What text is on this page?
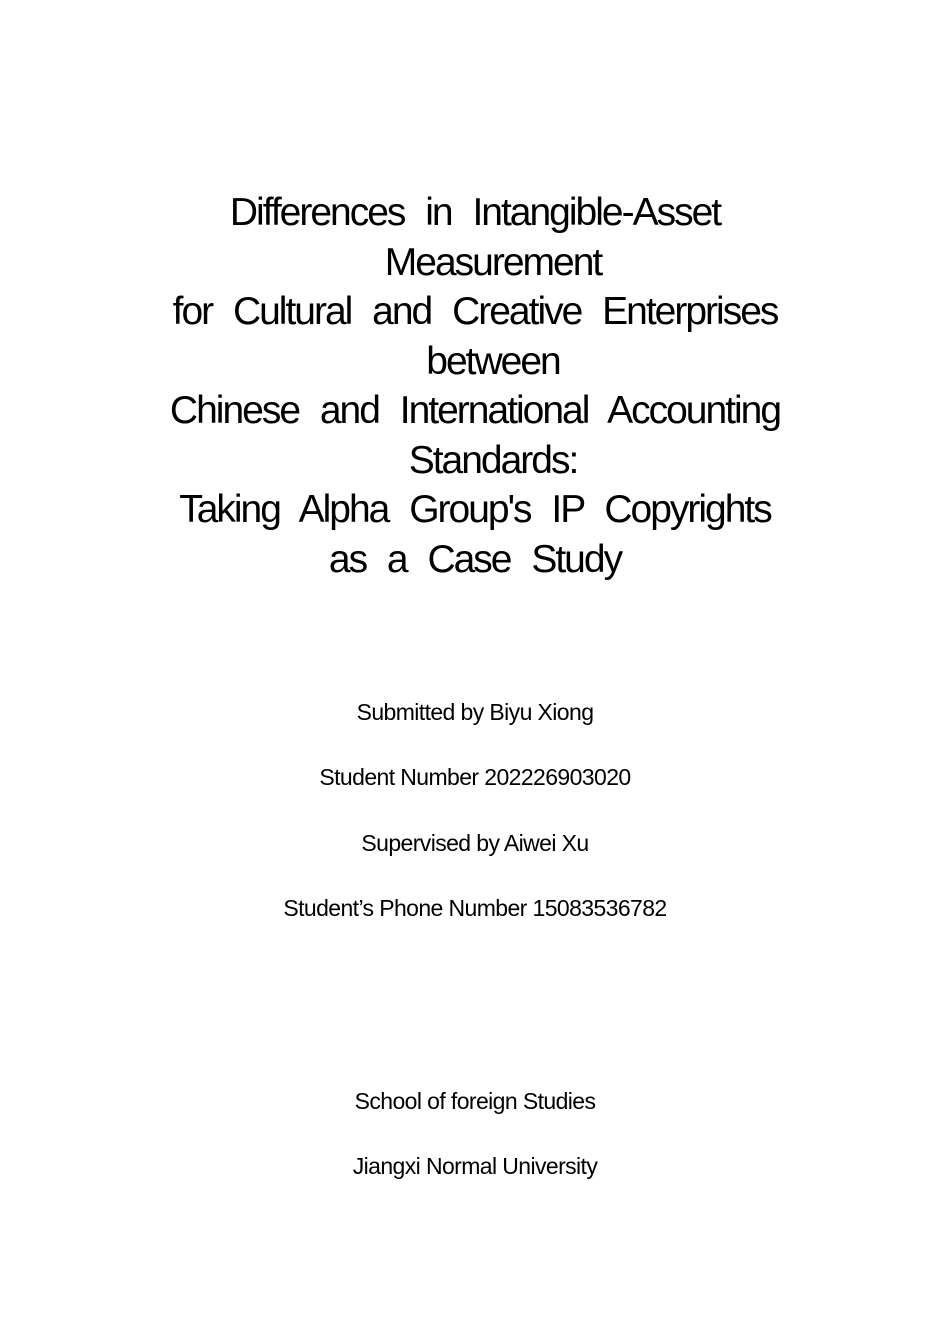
Differences in Intangible-Asset
Measurement
for Cultural and Creative Enterprises
between
Chinese and International Accounting
Standards:
Taking Alpha Group's IP Copyrights
as a Case Study
Submitted by Biyu Xiong
Student Number 202226903020
Supervised by Aiwei Xu
Student’s Phone Number 15083536782
School of foreign Studies
Jiangxi Normal University
